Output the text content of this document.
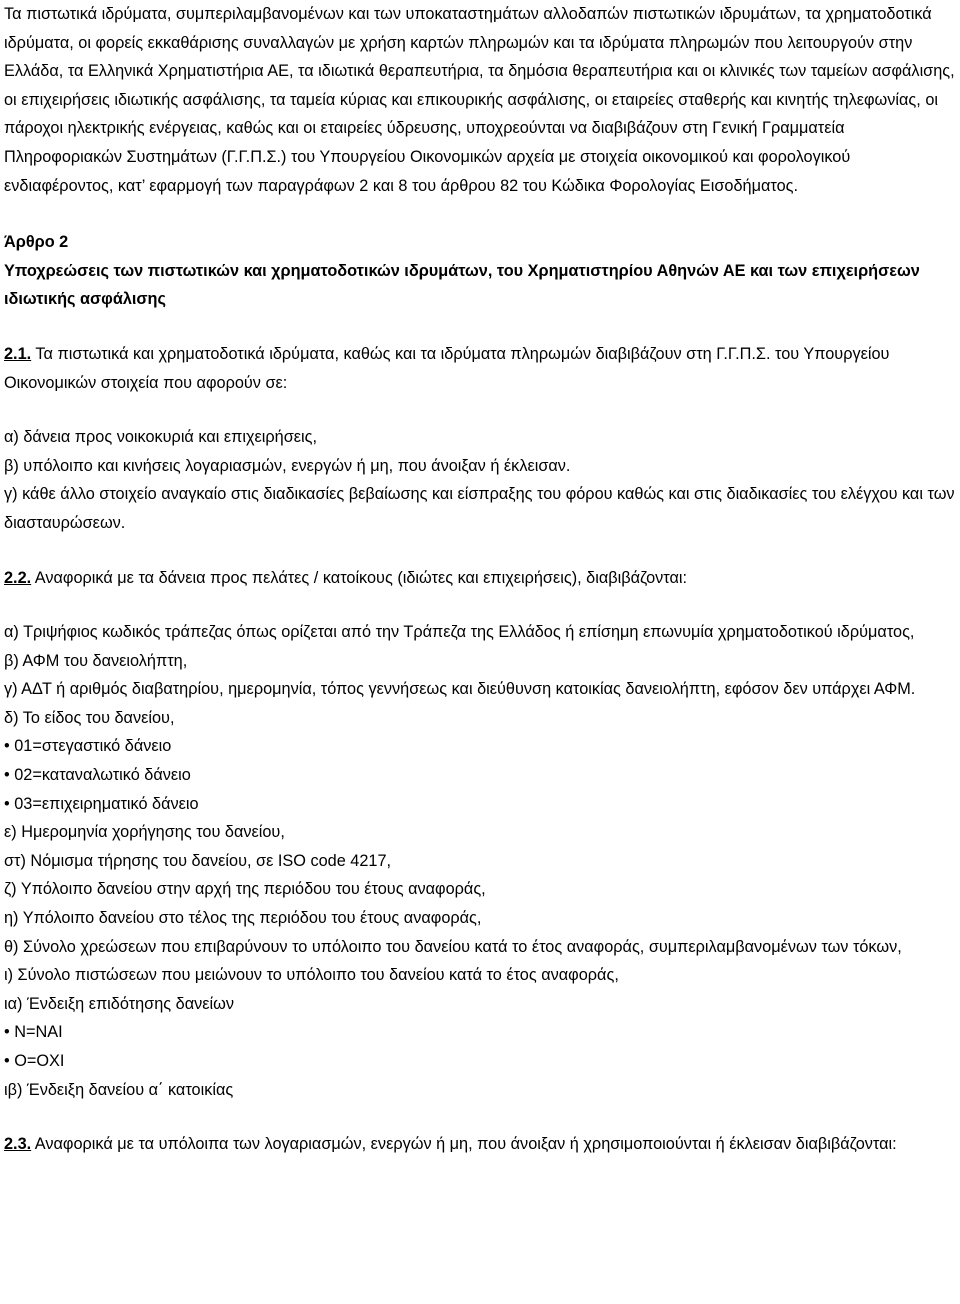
Τα πιστωτικά ιδρύματα, συμπεριλαμβανομένων και των υποκαταστημάτων αλλοδαπών πιστωτικών ιδρυμάτων, τα χρηματοδοτικά ιδρύματα, οι φορείς εκκαθάρισης συναλλαγών με χρήση καρτών πληρωμών και τα ιδρύματα πληρωμών που λειτουργούν στην Ελλάδα, τα Ελληνικά Χρηματιστήρια ΑΕ, τα ιδιωτικά θεραπευτήρια, τα δημόσια θεραπευτήρια και οι κλινικές των ταμείων ασφάλισης, οι επιχειρήσεις ιδιωτικής ασφάλισης, τα ταμεία κύριας και επικουρικής ασφάλισης, οι εταιρείες σταθερής και κινητής τηλεφωνίας, οι πάροχοι ηλεκτρικής ενέργειας, καθώς και οι εταιρείες ύδρευσης, υποχρεούνται να διαβιβάζουν στη Γενική Γραμματεία Πληροφοριακών Συστημάτων (Γ.Γ.Π.Σ.) του Υπουργείου Οικονομικών αρχεία με στοιχεία οικονομικού και φορολογικού ενδιαφέροντος, κατ’ εφαρμογή των παραγράφων 2 και 8 του άρθρου 82 του Κώδικα Φορολογίας Εισοδήματος.

Άρθρο 2

Υποχρεώσεις των πιστωτικών και χρηματοδοτικών ιδρυμάτων, του Χρηματιστηρίου Αθηνών ΑΕ και των επιχειρήσεων ιδιωτικής ασφάλισης

2.1. Τα πιστωτικά και χρηματοδοτικά ιδρύματα, καθώς και τα ιδρύματα πληρωμών διαβιβάζουν στη Γ.Γ.Π.Σ. του Υπουργείου Οικονομικών στοιχεία που αφορούν σε:

α) δάνεια προς νοικοκυριά και επιχειρήσεις,

β) υπόλοιπο και κινήσεις λογαριασμών, ενεργών ή μη, που άνοιξαν ή έκλεισαν.

γ) κάθε άλλο στοιχείο αναγκαίο στις διαδικασίες βεβαίωσης και είσπραξης του φόρου καθώς και στις διαδικασίες του ελέγχου και των διασταυρώσεων.

2.2. Αναφορικά με τα δάνεια προς πελάτες / κατοίκους (ιδιώτες και επιχειρήσεις), διαβιβάζονται:

α) Τριψήφιος κωδικός τράπεζας όπως ορίζεται από την Τράπεζα της Ελλάδος ή επίσημη επωνυμία χρηματοδοτικού ιδρύματος,

β) ΑΦΜ του δανειολήπτη,

γ) ΑΔΤ ή αριθμός διαβατηρίου, ημερομηνία, τόπος γεννήσεως και διεύθυνση κατοικίας δανειολήπτη, εφόσον δεν υπάρχει ΑΦΜ.

δ) Το είδος του δανείου,

• 01=στεγαστικό δάνειο

• 02=καταναλωτικό δάνειο

• 03=επιχειρηματικό δάνειο

ε) Ημερομηνία χορήγησης του δανείου,

στ) Νόμισμα τήρησης του δανείου, σε ISO code 4217,

ζ) Υπόλοιπο δανείου στην αρχή της περιόδου του έτους αναφοράς,

η) Υπόλοιπο δανείου στο τέλος της περιόδου του έτους αναφοράς,

θ) Σύνολο χρεώσεων που επιβαρύνουν το υπόλοιπο του δανείου κατά το έτος αναφοράς, συμπεριλαμβανομένων των τόκων,

ι) Σύνολο πιστώσεων που μειώνουν το υπόλοιπο του δανείου κατά το έτος αναφοράς,

ια) Ένδειξη επιδότησης δανείων

• Ν=ΝΑΙ

• Ο=ΟΧΙ

ιβ) Ένδειξη δανείου α΄ κατοικίας

2.3. Αναφορικά με τα υπόλοιπα των λογαριασμών, ενεργών ή μη, που άνοιξαν ή χρησιμοποιούνται ή έκλεισαν διαβιβάζονται:
